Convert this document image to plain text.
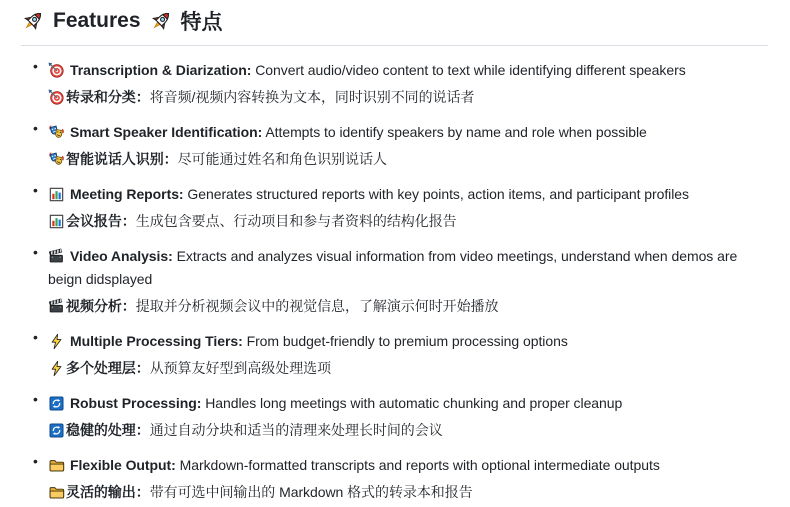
Features 特点
• Transcription & Diarization: Convert audio/video content to text while identifying different speakers
转录和分类：将音频/视频内容转换为文本，同时识别不同的说话者
• Smart Speaker Identification: Attempts to identify speakers by name and role when possible
智能说话人识别：尽可能通过姓名和角色识别说话人
• Meeting Reports: Generates structured reports with key points, action items, and participant profiles
会议报告：生成包含要点、行动项目和参与者资料的结构化报告
• Video Analysis: Extracts and analyzes visual information from video meetings, understand when demos are beign didsplayed
视频分析：提取并分析视频会议中的视觉信息，了解演示何时开始播放
• Multiple Processing Tiers: From budget-friendly to premium processing options
多个处理层：从预算友好型到高级处理选项
• Robust Processing: Handles long meetings with automatic chunking and proper cleanup
稳健的处理：通过自动分块和适当的清理来处理长时间的会议
• Flexible Output: Markdown-formatted transcripts and reports with optional intermediate outputs
灵活的输出：带有可选中间输出的 Markdown 格式的转录本和报告
